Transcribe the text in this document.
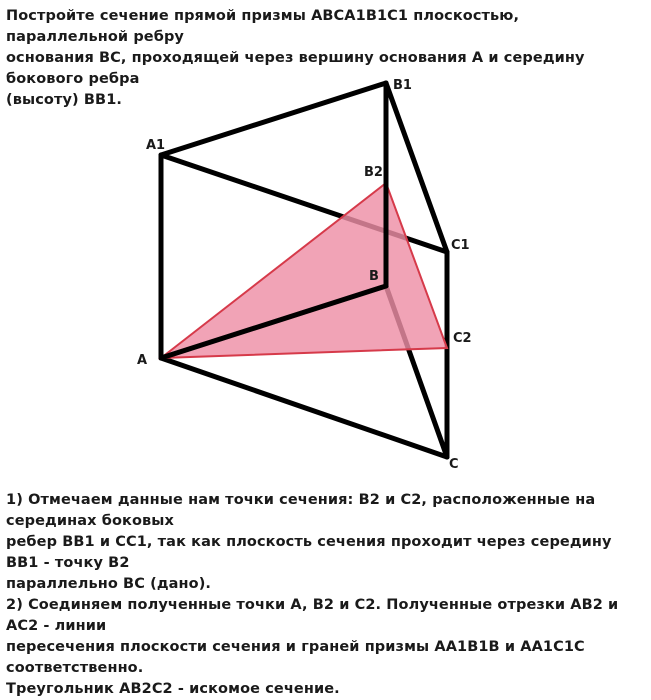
Постройте сечение прямой призмы ABCA1B1C1 плоскостью, параллельной ребру
основания BC, проходящей через вершину основания A и середину бокового ребра
(высоту) BB1.
A1
B1
B2
C1
B
C2
A
C

1) Отмечаем данные нам точки сечения: B2 и C2, расположенные на серединах боковых
ребер BB1 и CC1, так как плоскость сечения проходит через середину BB1 - точку B2
параллельно BC (дано).

2) Соединяем полученные точки A, B2 и C2. Полученные отрезки AB2 и AC2 - линии
пересечения плоскости сечения и граней призмы AA1B1B и AA1C1C соответственно.
Треугольник AB2C2 - искомое сечение.
